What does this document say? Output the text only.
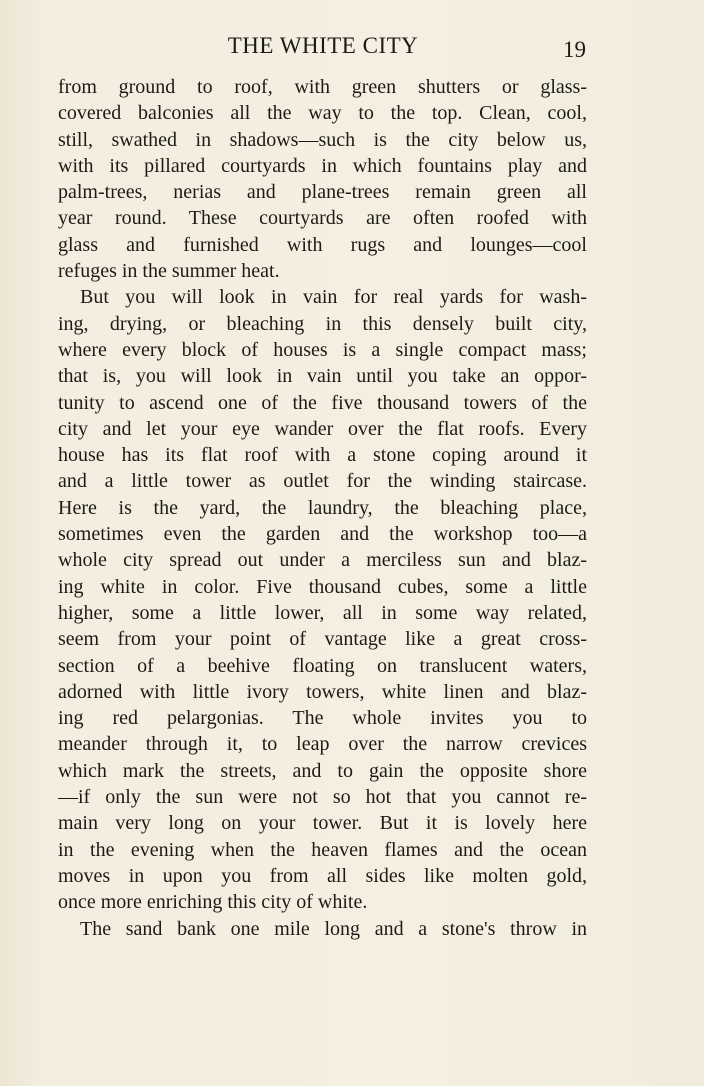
THE WHITE CITY	19
from ground to roof, with green shutters or glass-
covered balconies all the way to the top. Clean, cool,
still, swathed in shadows—such is the city below us,
with its pillared courtyards in which fountains play and
palm-trees, nerias and plane-trees remain green all
year round. These courtyards are often roofed with
glass and furnished with rugs and lounges—cool
refuges in the summer heat.
But you will look in vain for real yards for wash-
ing, drying, or bleaching in this densely built city,
where every block of houses is a single compact mass;
that is, you will look in vain until you take an oppor-
tunity to ascend one of the five thousand towers of the
city and let your eye wander over the flat roofs. Every
house has its flat roof with a stone coping around it
and a little tower as outlet for the winding staircase.
Here is the yard, the laundry, the bleaching place,
sometimes even the garden and the workshop too—a
whole city spread out under a merciless sun and blaz-
ing white in color. Five thousand cubes, some a little
higher, some a little lower, all in some way related,
seem from your point of vantage like a great cross-
section of a beehive floating on translucent waters,
adorned with little ivory towers, white linen and blaz-
ing red pelargonias. The whole invites you to
meander through it, to leap over the narrow crevices
which mark the streets, and to gain the opposite shore
—if only the sun were not so hot that you cannot re-
main very long on your tower. But it is lovely here
in the evening when the heaven flames and the ocean
moves in upon you from all sides like molten gold,
once more enriching this city of white.
The sand bank one mile long and a stone's throw in
